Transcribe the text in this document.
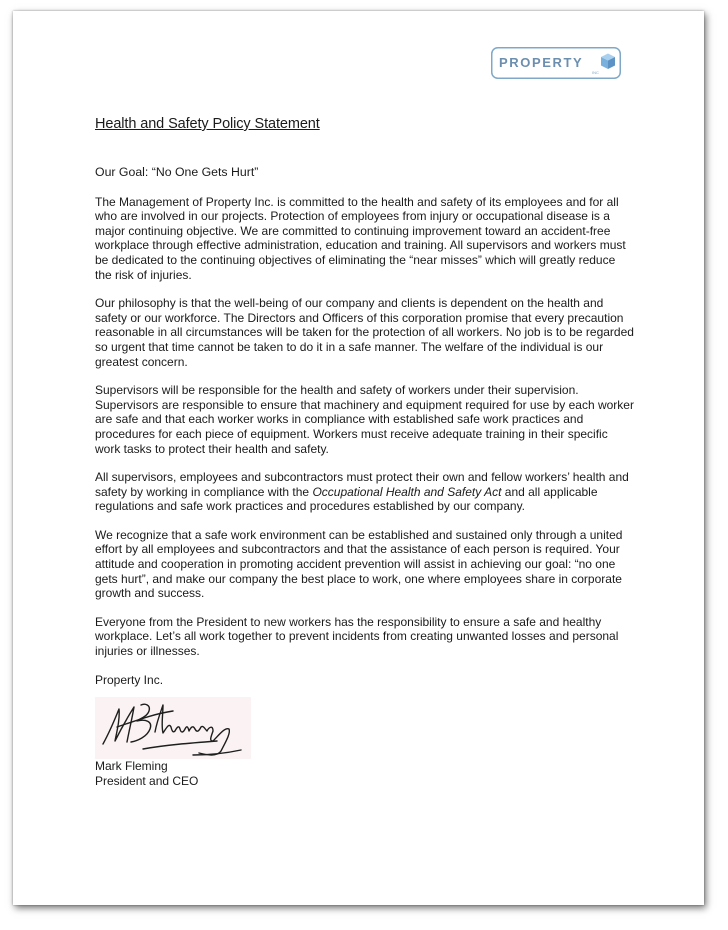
PROPERTY
INC

Health and Safety Policy Statement

Our Goal: “No One Gets Hurt”

The Management of Property Inc. is committed to the health and safety of its employees and for all who are involved in our projects. Protection of employees from injury or occupational disease is a major continuing objective. We are committed to continuing improvement toward an accident-free workplace through effective administration, education and training. All supervisors and workers must be dedicated to the continuing objectives of eliminating the “near misses” which will greatly reduce the risk of injuries.

Our philosophy is that the well-being of our company and clients is dependent on the health and safety or our workforce. The Directors and Officers of this corporation promise that every precaution reasonable in all circumstances will be taken for the protection of all workers. No job is to be regarded so urgent that time cannot be taken to do it in a safe manner. The welfare of the individual is our greatest concern.

Supervisors will be responsible for the health and safety of workers under their supervision. Supervisors are responsible to ensure that machinery and equipment required for use by each worker are safe and that each worker works in compliance with established safe work practices and procedures for each piece of equipment. Workers must receive adequate training in their specific work tasks to protect their health and safety.

All supervisors, employees and subcontractors must protect their own and fellow workers’ health and safety by working in compliance with the Occupational Health and Safety Act and all applicable regulations and safe work practices and procedures established by our company.

We recognize that a safe work environment can be established and sustained only through a united effort by all employees and subcontractors and that the assistance of each person is required. Your attitude and cooperation in promoting accident prevention will assist in achieving our goal: “no one gets hurt”, and make our company the best place to work, one where employees share in corporate growth and success.

Everyone from the President to new workers has the responsibility to ensure a safe and healthy workplace. Let’s all work together to prevent incidents from creating unwanted losses and personal injuries or illnesses.

Property Inc.

Mark Fleming

President and CEO
